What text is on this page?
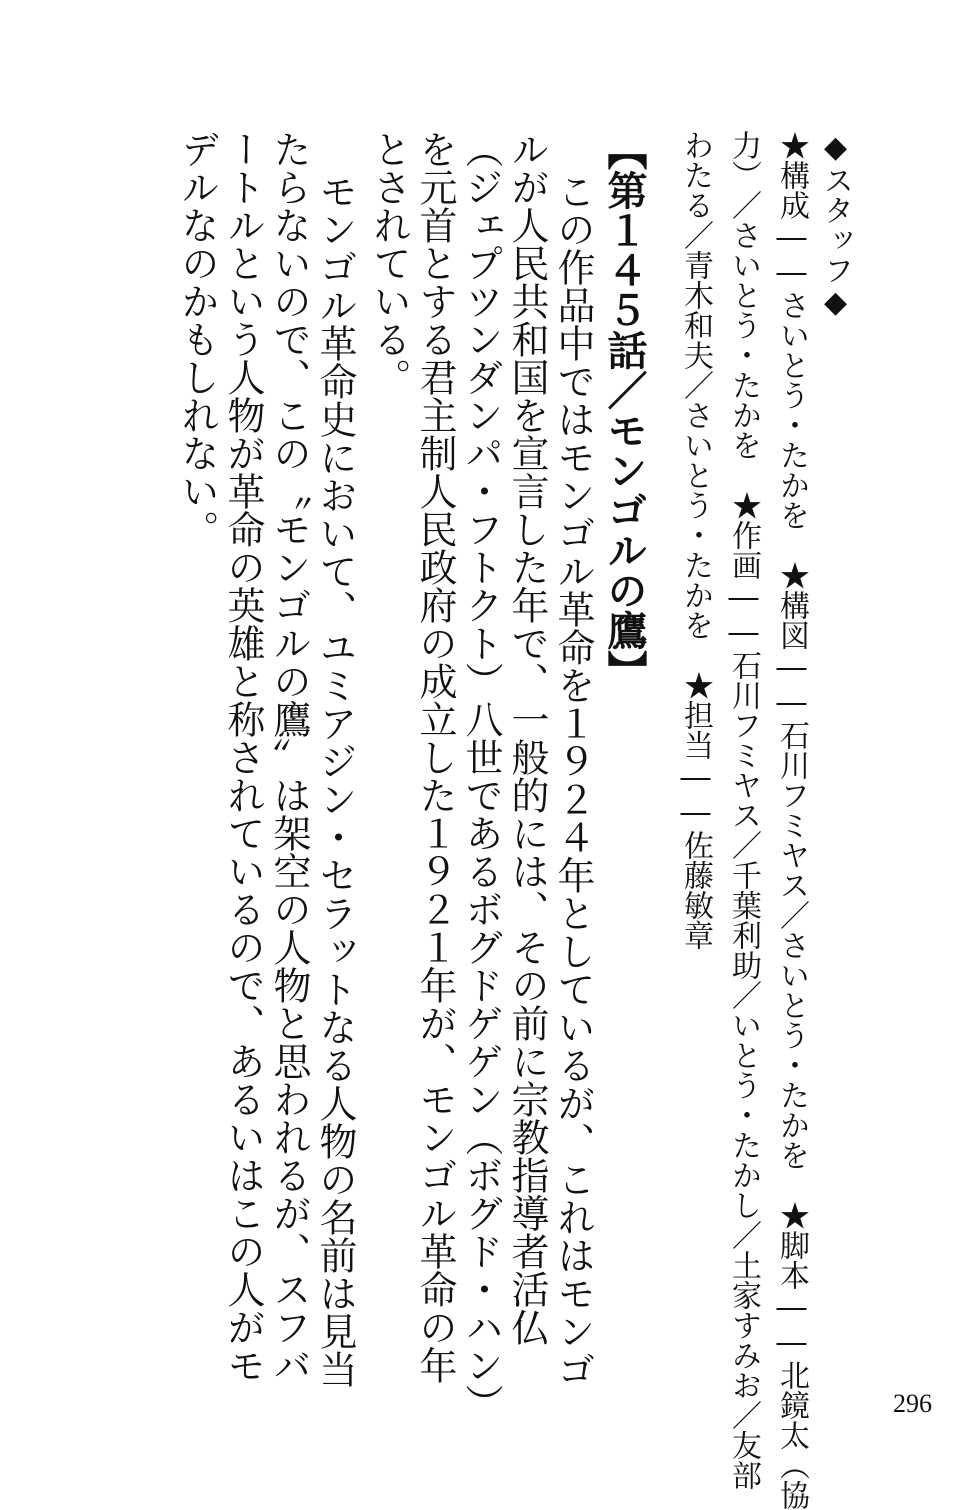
◆スタッフ◆
★構成――さいとう・たかを　★構図――石川フミヤス／さいとう・たかを　★脚本――北鏡太（協
力）／さいとう・たかを　★作画――石川フミヤス／千葉利助／いとう・たかし／土家すみお／友部
わたる／青木和夫／さいとう・たかを　★担当――佐藤敏章
【第１４５話／モンゴルの鷹】
この作品中ではモンゴル革命を１９２４年としているが、これはモンゴ
ルが人民共和国を宣言した年で、一般的には、その前に宗教指導者活仏
（ジェプツンダンパ・フトクト）八世であるボグドゲゲン（ボグド・ハン）
を元首とする君主制人民政府の成立した１９２１年が、モンゴル革命の年
とされている。
モンゴル革命史において、ユミアジン・セラットなる人物の名前は見当
たらないので、この〝モンゴルの鷹〟は架空の人物と思われるが、スフバ
ートルという人物が革命の英雄と称されているので、あるいはこの人がモ
デルなのかもしれない。
296
